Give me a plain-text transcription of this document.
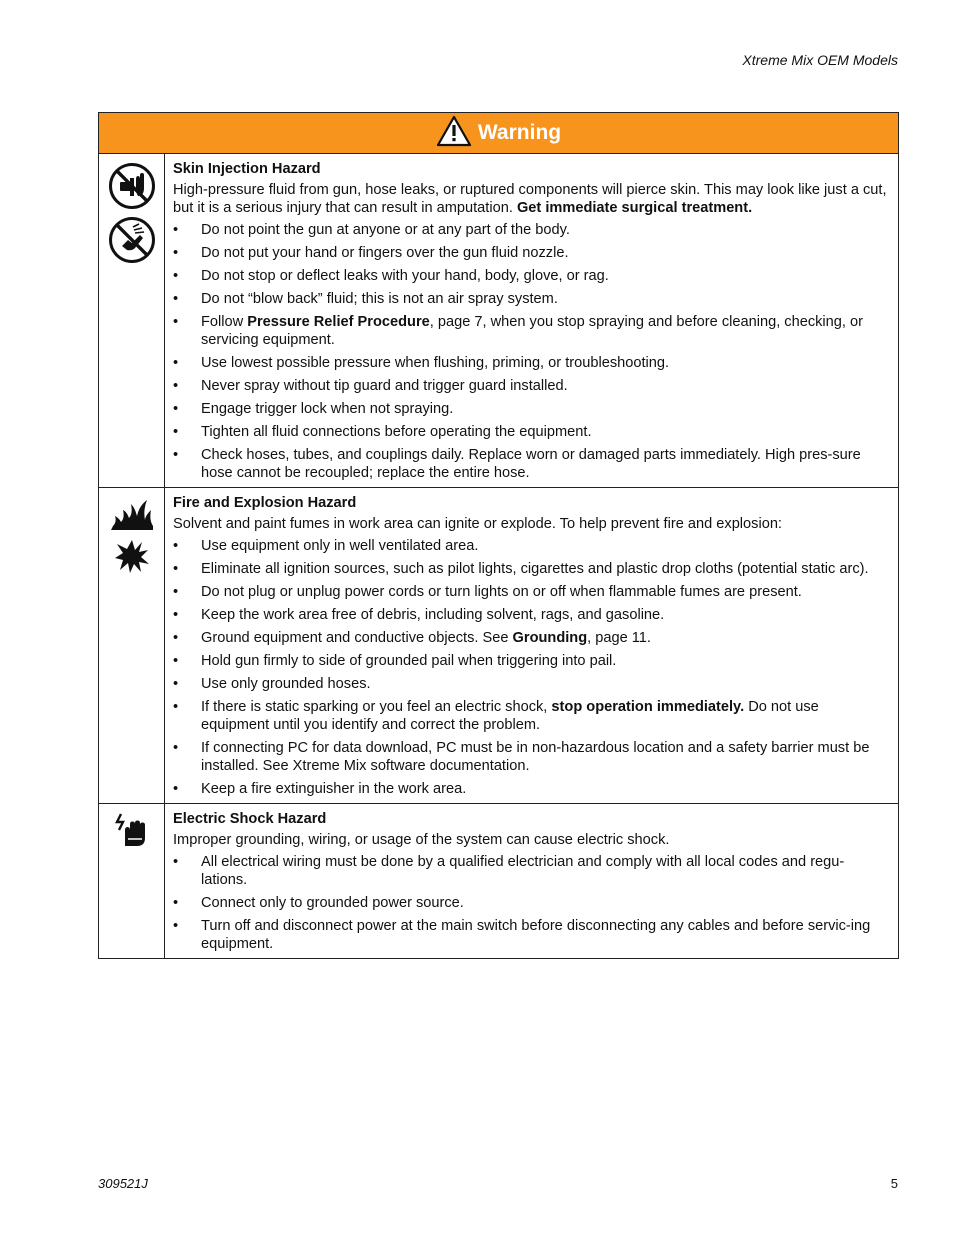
Xtreme Mix OEM Models
Warning
Skin Injection Hazard
High-pressure fluid from gun, hose leaks, or ruptured components will pierce skin. This may look like just a cut, but it is a serious injury that can result in amputation. Get immediate surgical treatment.
• Do not point the gun at anyone or at any part of the body.
• Do not put your hand or fingers over the gun fluid nozzle.
• Do not stop or deflect leaks with your hand, body, glove, or rag.
• Do not “blow back” fluid; this is not an air spray system.
• Follow Pressure Relief Procedure, page 7, when you stop spraying and before cleaning, checking, or servicing equipment.
• Use lowest possible pressure when flushing, priming, or troubleshooting.
• Never spray without tip guard and trigger guard installed.
• Engage trigger lock when not spraying.
• Tighten all fluid connections before operating the equipment.
• Check hoses, tubes, and couplings daily. Replace worn or damaged parts immediately. High pres-sure hose cannot be recoupled; replace the entire hose.
Fire and Explosion Hazard
Solvent and paint fumes in work area can ignite or explode. To help prevent fire and explosion:
• Use equipment only in well ventilated area.
• Eliminate all ignition sources, such as pilot lights, cigarettes and plastic drop cloths (potential static arc).
• Do not plug or unplug power cords or turn lights on or off when flammable fumes are present.
• Keep the work area free of debris, including solvent, rags, and gasoline.
• Ground equipment and conductive objects. See Grounding, page 11.
• Hold gun firmly to side of grounded pail when triggering into pail.
• Use only grounded hoses.
• If there is static sparking or you feel an electric shock, stop operation immediately. Do not use equipment until you identify and correct the problem.
• If connecting PC for data download, PC must be in non-hazardous location and a safety barrier must be installed. See Xtreme Mix software documentation.
• Keep a fire extinguisher in the work area.
Electric Shock Hazard
Improper grounding, wiring, or usage of the system can cause electric shock.
• All electrical wiring must be done by a qualified electrician and comply with all local codes and regu-lations.
• Connect only to grounded power source.
• Turn off and disconnect power at the main switch before disconnecting any cables and before servic-ing equipment.
309521J	5
